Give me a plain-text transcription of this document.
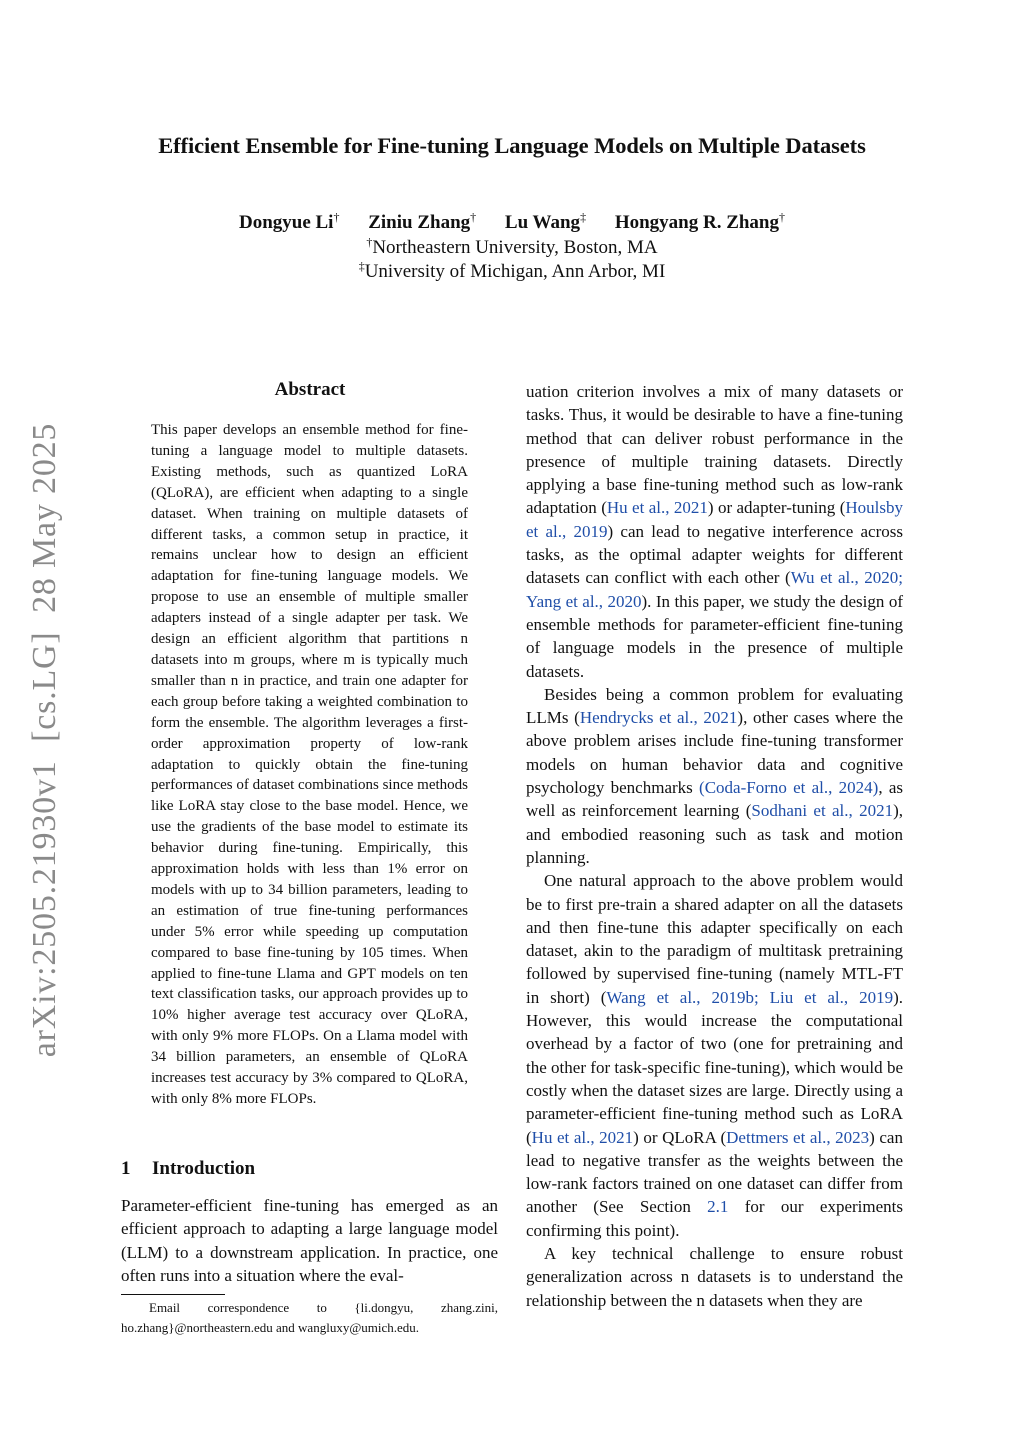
Efficient Ensemble for Fine-tuning Language Models on Multiple Datasets
Dongyue Li† Ziniu Zhang† Lu Wang‡ Hongyang R. Zhang†
†Northeastern University, Boston, MA
‡University of Michigan, Ann Arbor, MI
arXiv:2505.21930v1  [cs.LG]  28 May 2025
Abstract

This paper develops an ensemble method for fine-tuning a language model to multiple datasets. Existing methods, such as quantized LoRA (QLoRA), are efficient when adapting to a single dataset. When training on multiple datasets of different tasks, a common setup in practice, it remains unclear how to design an efficient adaptation for fine-tuning language models. We propose to use an ensemble of multiple smaller adapters instead of a single adapter per task. We design an efficient algorithm that partitions n datasets into m groups, where m is typically much smaller than n in practice, and train one adapter for each group before taking a weighted combination to form the ensemble. The algorithm leverages a first-order approximation property of low-rank adaptation to quickly obtain the fine-tuning performances of dataset combinations since methods like LoRA stay close to the base model. Hence, we use the gradients of the base model to estimate its behavior during fine-tuning. Empirically, this approximation holds with less than 1% error on models with up to 34 billion parameters, leading to an estimation of true fine-tuning performances under 5% error while speeding up computation compared to base fine-tuning by 105 times. When applied to fine-tune Llama and GPT models on ten text classification tasks, our approach provides up to 10% higher average test accuracy over QLoRA, with only 9% more FLOPs. On a Llama model with 34 billion parameters, an ensemble of QLoRA increases test accuracy by 3% compared to QLoRA, with only 8% more FLOPs.

1 Introduction

Parameter-efficient fine-tuning has emerged as an efficient approach to adapting a large language model (LLM) to a downstream application. In practice, one often runs into a situation where the eval-

Email correspondence to {li.dongyu, zhang.zini, ho.zhang}@northeastern.edu and wangluxy@umich.edu.

uation criterion involves a mix of many datasets or tasks. Thus, it would be desirable to have a fine-tuning method that can deliver robust performance in the presence of multiple training datasets. Directly applying a base fine-tuning method such as low-rank adaptation (Hu et al., 2021) or adapter-tuning (Houlsby et al., 2019) can lead to negative interference across tasks, as the optimal adapter weights for different datasets can conflict with each other (Wu et al., 2020; Yang et al., 2020). In this paper, we study the design of ensemble methods for parameter-efficient fine-tuning of language models in the presence of multiple datasets.

Besides being a common problem for evaluating LLMs (Hendrycks et al., 2021), other cases where the above problem arises include fine-tuning transformer models on human behavior data and cognitive psychology benchmarks (Coda-Forno et al., 2024), as well as reinforcement learning (Sodhani et al., 2021), and embodied reasoning such as task and motion planning.

One natural approach to the above problem would be to first pre-train a shared adapter on all the datasets and then fine-tune this adapter specifically on each dataset, akin to the paradigm of multitask pretraining followed by supervised fine-tuning (namely MTL-FT in short) (Wang et al., 2019b; Liu et al., 2019). However, this would increase the computational overhead by a factor of two (one for pretraining and the other for task-specific fine-tuning), which would be costly when the dataset sizes are large. Directly using a parameter-efficient fine-tuning method such as LoRA (Hu et al., 2021) or QLoRA (Dettmers et al., 2023) can lead to negative transfer as the weights between the low-rank factors trained on one dataset can differ from another (See Section 2.1 for our experiments confirming this point).

A key technical challenge to ensure robust generalization across n datasets is to understand the relationship between the n datasets when they are
